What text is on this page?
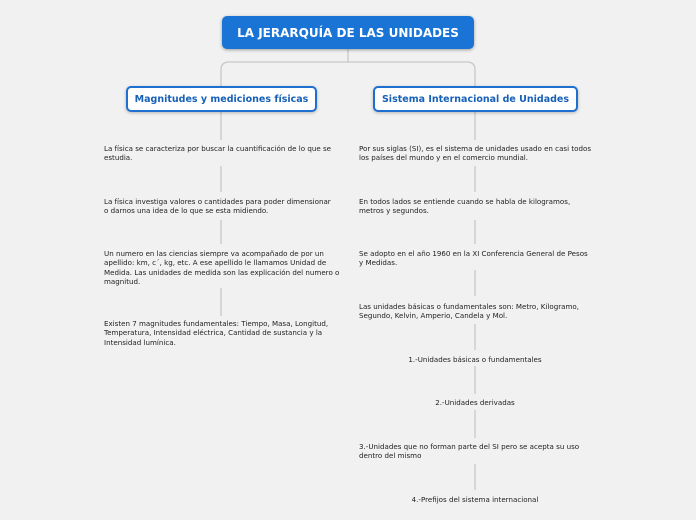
LA JERARQUÍA DE LAS UNIDADES
Magnitudes y mediciones físicas	Sistema Internacional de Unidades
La física se caracteriza por buscar la cuantificación de lo que se estudia.
La física investiga valores o cantidades para poder dimensionar o darnos una idea de lo que se esta midiendo.
Un numero en las ciencias siempre va acompañado de por un apellido: km, c´, kg, etc. A ese apellido le llamamos Unidad de Medida. Las unidades de medida son las explicación del numero o magnitud.
Existen 7 magnitudes fundamentales: Tiempo, Masa, Longitud, Temperatura, Intensidad eléctrica, Cantidad de sustancia y la Intensidad lumínica.
Por sus siglas (SI), es el sistema de unidades usado en casi todos los países del mundo y en el comercio mundial.
En todos lados se entiende cuando se habla de kilogramos, metros y segundos.
Se adopto en el año 1960 en la XI Conferencia General de Pesos y Medidas.
Las unidades básicas o fundamentales son: Metro, Kilogramo, Segundo, Kelvin, Amperio, Candela y Mol.
1.-Unidades básicas o fundamentales
2.-Unidades derivadas
3.-Unidades que no forman parte del SI pero se acepta su uso dentro del mismo
4.-Prefijos del sistema internacional
